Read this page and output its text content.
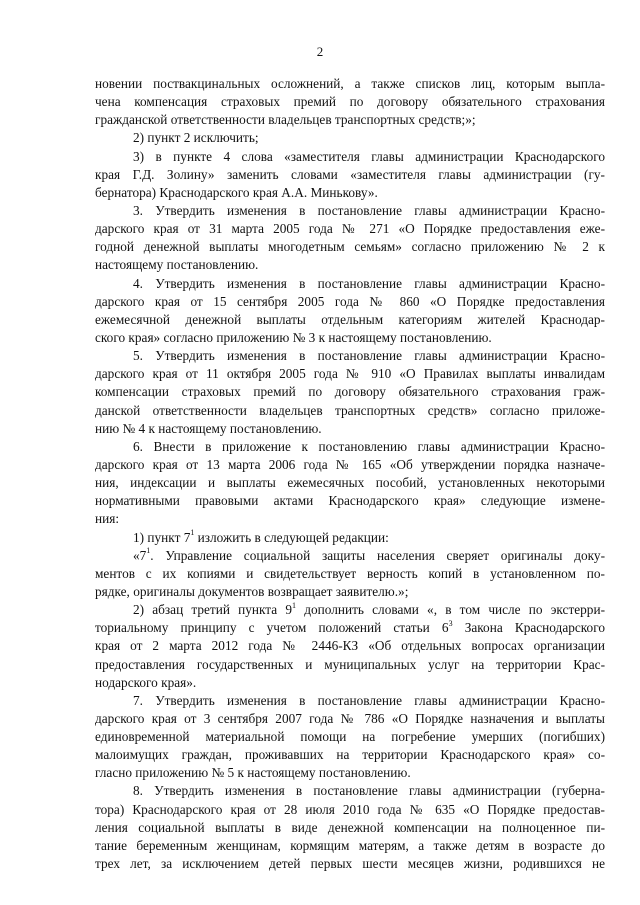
2
новении поствакцинальных осложнений, а также списков лиц, которым выпла-
чена компенсация страховых премий по договору обязательного страхования
гражданской ответственности владельцев транспортных средств;»;
2) пункт 2 исключить;
3) в пункте 4 слова «заместителя главы администрации Краснодарского
края Г.Д. Золину» заменить словами «заместителя главы администрации (гу-
бернатора) Краснодарского края А.А. Минькову».
3. Утвердить изменения в постановление главы администрации Красно-
дарского края от 31 марта 2005 года № 271 «О Порядке предоставления еже-
годной денежной выплаты многодетным семьям» согласно приложению № 2 к
настоящему постановлению.
4. Утвердить изменения в постановление главы администрации Красно-
дарского края от 15 сентября 2005 года № 860 «О Порядке предоставления
ежемесячной денежной выплаты отдельным категориям жителей Краснодар-
ского края» согласно приложению № 3 к настоящему постановлению.
5. Утвердить изменения в постановление главы администрации Красно-
дарского края от 11 октября 2005 года № 910 «О Правилах выплаты инвалидам
компенсации страховых премий по договору обязательного страхования граж-
данской ответственности владельцев транспортных средств» согласно приложе-
нию № 4 к настоящему постановлению.
6. Внести в приложение к постановлению главы администрации Красно-
дарского края от 13 марта 2006 года № 165 «Об утверждении порядка назначе-
ния, индексации и выплаты ежемесячных пособий, установленных некоторыми
нормативными правовыми актами Краснодарского края» следующие измене-
ния:
1) пункт $7^1$ изложить в следующей редакции:
«$7^1$. Управление социальной защиты населения сверяет оригиналы доку-
ментов с их копиями и свидетельствует верность копий в установленном по-
рядке, оригиналы документов возвращает заявителю.»;
2) абзац третий пункта $9^1$ дополнить словами «, в том числе по экстерри-
ториальному принципу с учетом положений статьи $6^3$ Закона Краснодарского
края от 2 марта 2012 года № 2446-КЗ «Об отдельных вопросах организации
предоставления государственных и муниципальных услуг на территории Крас-
нодарского края».
7. Утвердить изменения в постановление главы администрации Красно-
дарского края от 3 сентября 2007 года № 786 «О Порядке назначения и выплаты
единовременной материальной помощи на погребение умерших (погибших)
малоимущих граждан, проживавших на территории Краснодарского края» со-
гласно приложению № 5 к настоящему постановлению.
8. Утвердить изменения в постановление главы администрации (губерна-
тора) Краснодарского края от 28 июля 2010 года № 635 «О Порядке предостав-
ления социальной выплаты в виде денежной компенсации на полноценное пи-
тание беременным женщинам, кормящим матерям, а также детям в возрасте до
трех лет, за исключением детей первых шести месяцев жизни, родившихся не
